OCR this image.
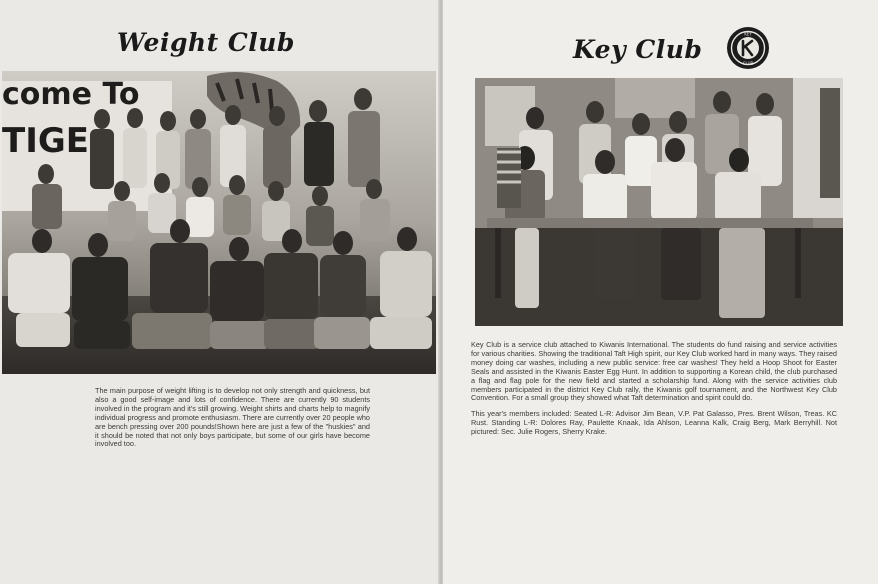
Weight Club	Key Club
KEY
CLUB
come To
TIGE
The main purpose of weight lifting is to develop not only strength and quickness, but also a good self-image and lots of confidence. There are currently 90 students involved in the program and it's still growing. Weight shirts and charts help to magnify individual progress and promote enthusiasm. There are currently over 20 people who are bench pressing over 200 pounds!Shown here are just a few of the "huskies" and it should be noted that not only boys participate, but some of our girls have become involved too.

Key Club is a service club attached to Kiwanis International. The students do fund raising and service activities for various charities. Showing the traditional Taft High spirit, our Key Club worked hard in many ways. They raised money doing car washes, including a new public service: free car washes! They held a Hoop Shoot for Easter Seals and assisted in the Kiwanis Easter Egg Hunt. In addition to supporting a Korean child, the club purchased a flag and flag pole for the new field and started a scholarship fund. Along with the service activities club members participated in the district Key Club rally, the Kiwanis golf tournament, and the Northwest Key Club Convention. For a small group they showed what Taft determination and spirit could do.

This year's members included: Seated L-R: Advisor Jim Bean, V.P. Pat Galasso, Pres. Brent Wilson, Treas. KC Rust. Standing L-R: Dolores Ray, Paulette Knaak, Ida Ahlson, Leanna Kalk, Craig Berg, Mark Berryhill. Not pictured: Sec. Julie Rogers, Sherry Krake.
